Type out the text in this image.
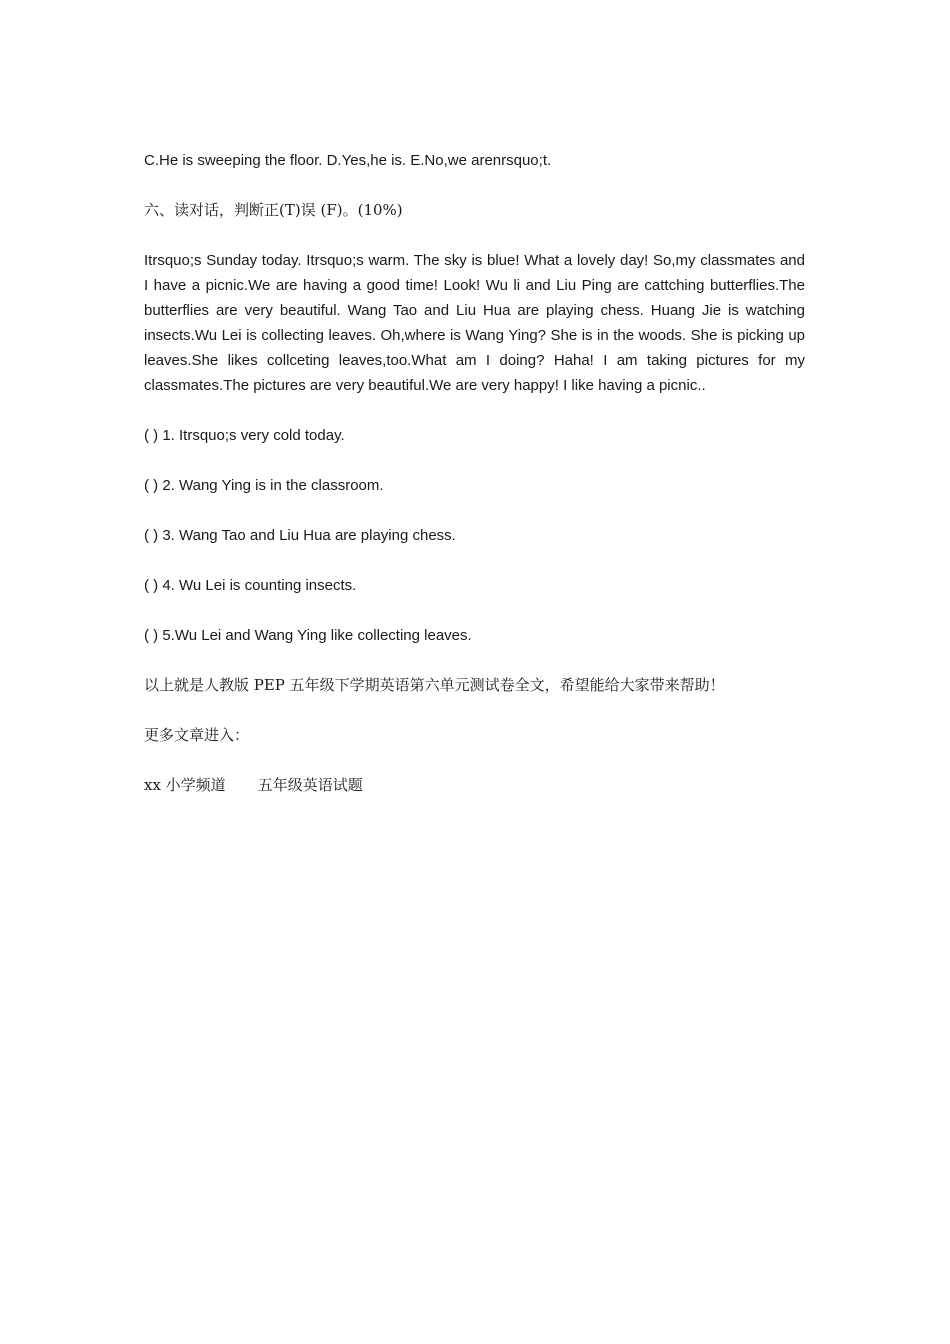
C.He is sweeping the floor. D.Yes,he is. E.No,we arenrsquo;t.

六、读对话，判断正(T)误 (F)。(10%)

Itrsquo;s Sunday today. Itrsquo;s warm. The sky is blue! What a lovely day! So,my classmates and I have a picnic.We are having a good time! Look! Wu li and Liu Ping are cattching butterflies.The butterflies are very beautiful. Wang Tao and Liu Hua are playing chess. Huang Jie is watching insects.Wu Lei is collecting leaves. Oh,where is Wang Ying? She is in the woods. She is picking up leaves.She likes collceting leaves,too.What am I doing? Haha! I am taking pictures for my classmates.The pictures are very beautiful.We are very happy! I like having a picnic..

( ) 1. Itrsquo;s very cold today.

( ) 2. Wang Ying is in the classroom.

( ) 3. Wang Tao and Liu Hua are playing chess.

( ) 4. Wu Lei is counting insects.

( ) 5.Wu Lei and Wang Ying like collecting leaves.

以上就是人教版 PEP 五年级下学期英语第六单元测试卷全文，希望能给大家带来帮助！

更多文章进入：

xx 小学频道 五年级英语试题
